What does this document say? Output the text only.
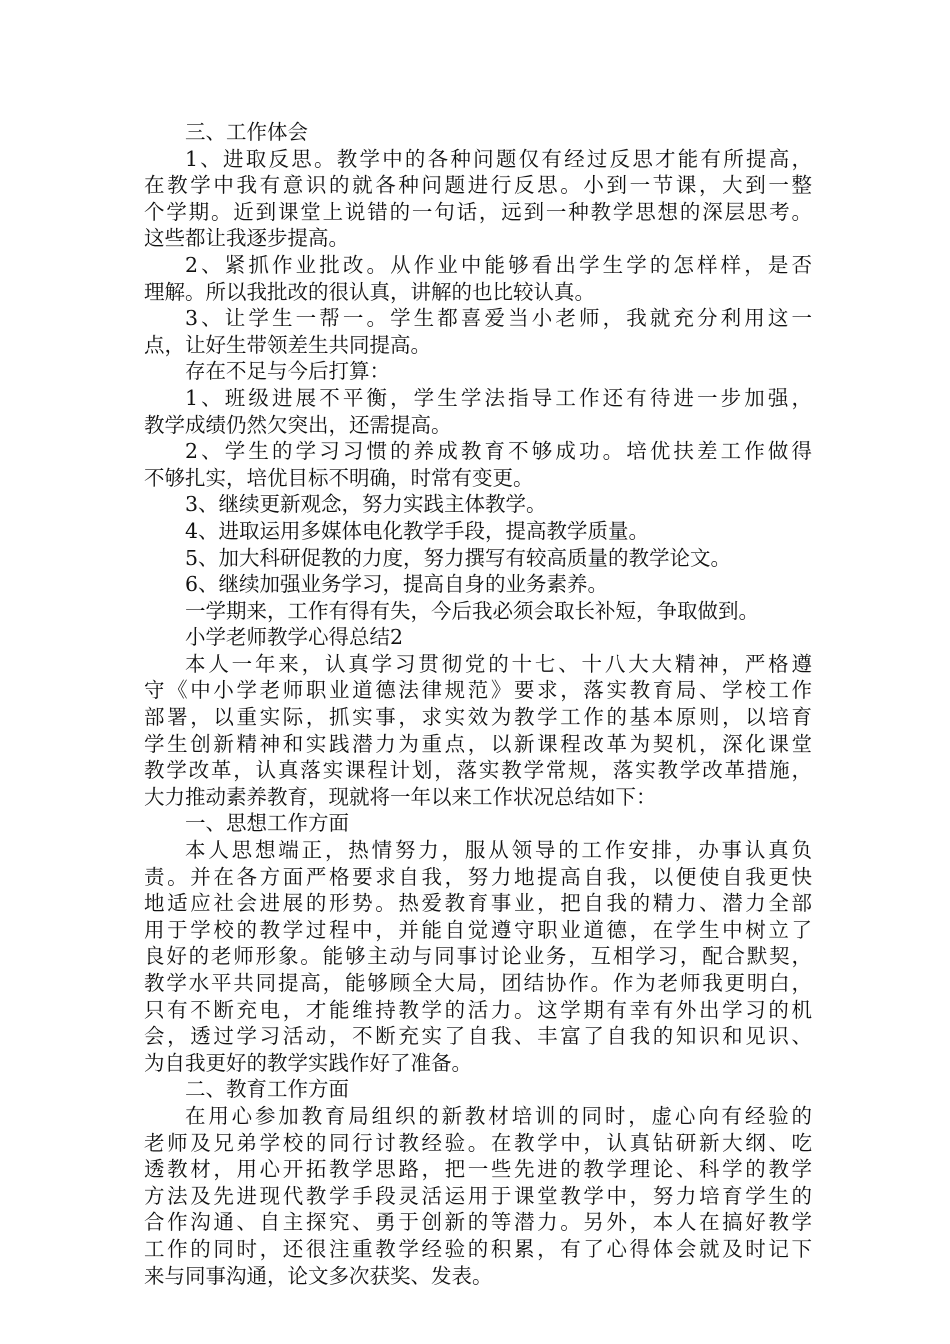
三、工作体会
1、进取反思。教学中的各种问题仅有经过反思才能有所提高，
在教学中我有意识的就各种问题进行反思。小到一节课，大到一整
个学期。近到课堂上说错的一句话，远到一种教学思想的深层思考。
这些都让我逐步提高。
2、紧抓作业批改。从作业中能够看出学生学的怎样样，是否
理解。所以我批改的很认真，讲解的也比较认真。
3、让学生一帮一。学生都喜爱当小老师，我就充分利用这一
点，让好生带领差生共同提高。
存在不足与今后打算：
1、班级进展不平衡，学生学法指导工作还有待进一步加强，
教学成绩仍然欠突出，还需提高。
2、学生的学习习惯的养成教育不够成功。培优扶差工作做得
不够扎实，培优目标不明确，时常有变更。
3、继续更新观念，努力实践主体教学。
4、进取运用多媒体电化教学手段，提高教学质量。
5、加大科研促教的力度，努力撰写有较高质量的教学论文。
6、继续加强业务学习，提高自身的业务素养。
一学期来，工作有得有失，今后我必须会取长补短，争取做到。
小学老师教学心得总结2
本人一年来，认真学习贯彻党的十七、十八大大精神，严格遵
守《中小学老师职业道德法律规范》要求，落实教育局、学校工作
部署，以重实际，抓实事，求实效为教学工作的基本原则，以培育
学生创新精神和实践潜力为重点，以新课程改革为契机，深化课堂
教学改革，认真落实课程计划，落实教学常规，落实教学改革措施，
大力推动素养教育，现就将一年以来工作状况总结如下：
一、思想工作方面
本人思想端正，热情努力，服从领导的工作安排，办事认真负
责。并在各方面严格要求自我，努力地提高自我，以便使自我更快
地适应社会进展的形势。热爱教育事业，把自我的精力、潜力全部
用于学校的教学过程中，并能自觉遵守职业道德，在学生中树立了
良好的老师形象。能够主动与同事讨论业务，互相学习，配合默契，
教学水平共同提高，能够顾全大局，团结协作。作为老师我更明白，
只有不断充电，才能维持教学的活力。这学期有幸有外出学习的机
会，透过学习活动，不断充实了自我、丰富了自我的知识和见识、
为自我更好的教学实践作好了准备。
二、教育工作方面
在用心参加教育局组织的新教材培训的同时，虚心向有经验的
老师及兄弟学校的同行讨教经验。在教学中，认真钻研新大纲、吃
透教材，用心开拓教学思路，把一些先进的教学理论、科学的教学
方法及先进现代教学手段灵活运用于课堂教学中，努力培育学生的
合作沟通、自主探究、勇于创新的等潜力。另外，本人在搞好教学
工作的同时，还很注重教学经验的积累，有了心得体会就及时记下
来与同事沟通，论文多次获奖、发表。
